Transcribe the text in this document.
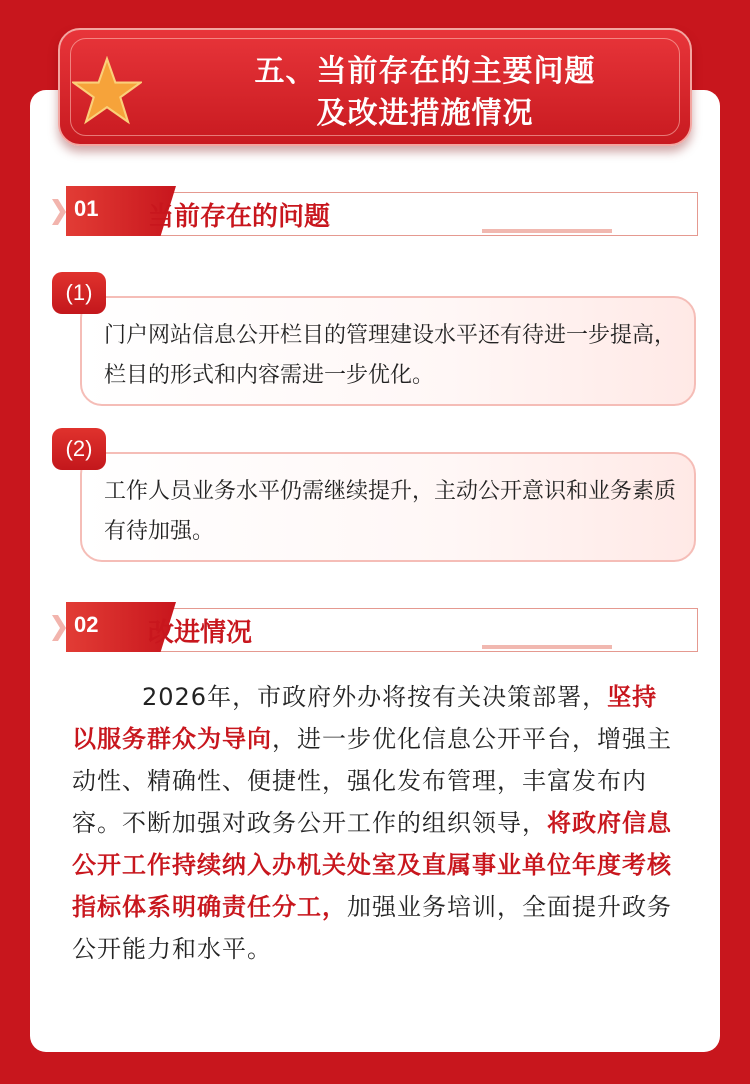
五、当前存在的主要问题
及改进措施情况
01 当前存在的问题
门户网站信息公开栏目的管理建设水平还有待进一步提高，栏目的形式和内容需进一步优化。
(1)
工作人员业务水平仍需继续提升，主动公开意识和业务素质有待加强。
(2)
02 改进情况
2026年，市政府外办将按有关决策部署，坚持以服务群众为导向，进一步优化信息公开平台，增强主动性、精确性、便捷性，强化发布管理，丰富发布内容。不断加强对政务公开工作的组织领导，将政府信息公开工作持续纳入办机关处室及直属事业单位年度考核指标体系明确责任分工，加强业务培训，全面提升政务公开能力和水平。
